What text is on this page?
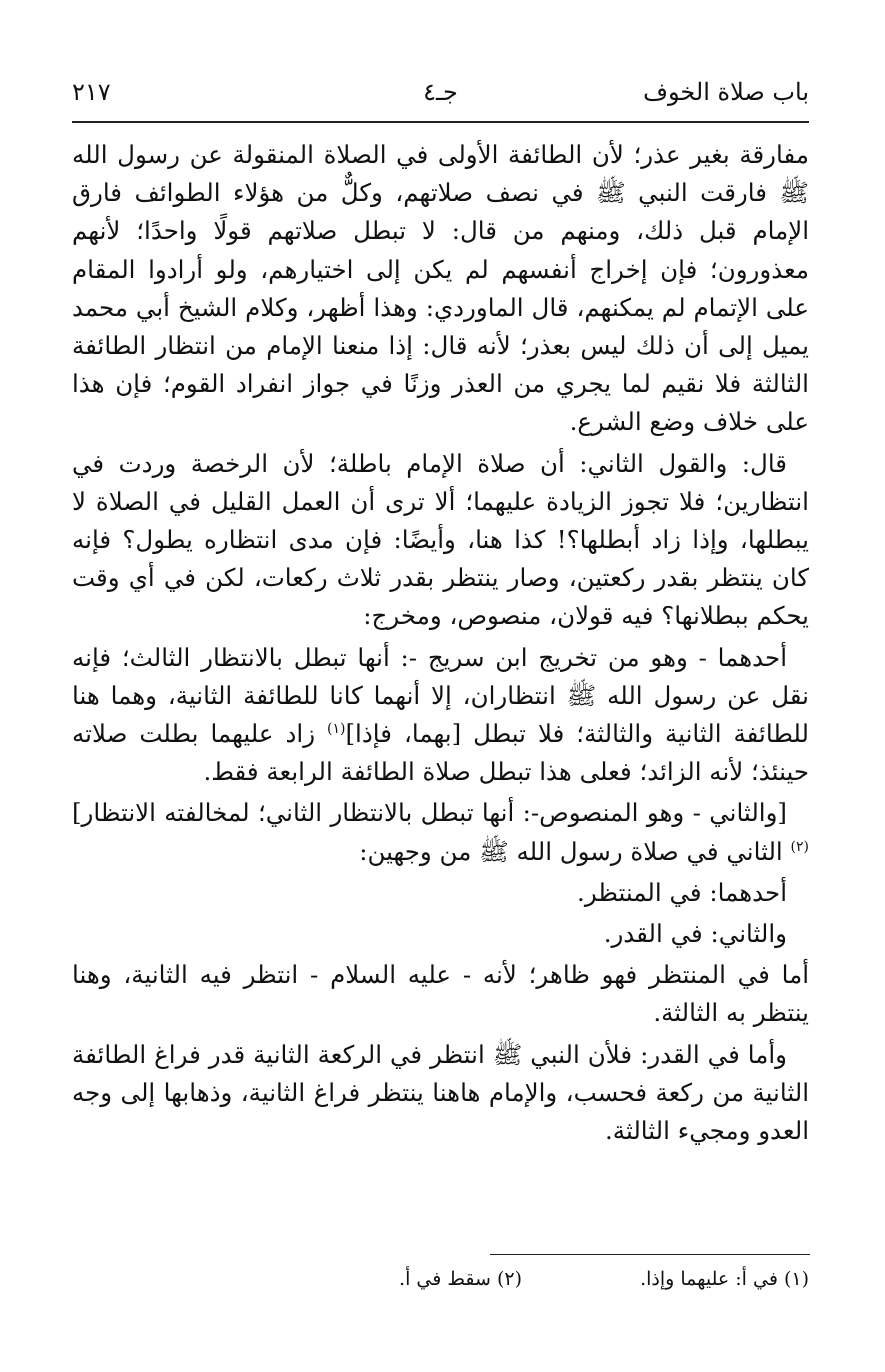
باب صلاة الخوف
جـ٤
٢١٧

مفارقة بغير عذر؛ لأن الطائفة الأولى في الصلاة المنقولة عن رسول الله ﷺ فارقت النبي ﷺ في نصف صلاتهم، وكلٌّ من هؤلاء الطوائف فارق الإمام قبل ذلك، ومنهم من قال: لا تبطل صلاتهم قولًا واحدًا؛ لأنهم معذورون؛ فإن إخراج أنفسهم لم يكن إلى اختيارهم، ولو أرادوا المقام على الإتمام لم يمكنهم، قال الماوردي: وهذا أظهر، وكلام الشيخ أبي محمد يميل إلى أن ذلك ليس بعذر؛ لأنه قال: إذا منعنا الإمام من انتظار الطائفة الثالثة فلا نقيم لما يجري من العذر وزنًا في جواز انفراد القوم؛ فإن هذا على خلاف وضع الشرع.

قال: والقول الثاني: أن صلاة الإمام باطلة؛ لأن الرخصة وردت في انتظارين؛ فلا تجوز الزيادة عليهما؛ ألا ترى أن العمل القليل في الصلاة لا يبطلها، وإذا زاد أبطلها؟! كذا هنا، وأيضًا: فإن مدى انتظاره يطول؟ فإنه كان ينتظر بقدر ركعتين، وصار ينتظر بقدر ثلاث ركعات، لكن في أي وقت يحكم ببطلانها؟ فيه قولان، منصوص، ومخرج:

أحدهما - وهو من تخريج ابن سريج -: أنها تبطل بالانتظار الثالث؛ فإنه نقل عن رسول الله ﷺ انتظاران، إلا أنهما كانا للطائفة الثانية، وهما هنا للطائفة الثانية والثالثة؛ فلا تبطل [بهما، فإذا]$^{(١)}$ زاد عليهما بطلت صلاته حينئذ؛ لأنه الزائد؛ فعلى هذا تبطل صلاة الطائفة الرابعة فقط.

[والثاني - وهو المنصوص-: أنها تبطل بالانتظار الثاني؛ لمخالفته الانتظار]$^{(٢)}$ الثاني في صلاة رسول الله ﷺ من وجهين:

أحدهما: في المنتظر.

والثاني: في القدر.

أما في المنتظر فهو ظاهر؛ لأنه - عليه السلام - انتظر فيه الثانية، وهنا ينتظر به الثالثة.

وأما في القدر: فلأن النبي ﷺ انتظر في الركعة الثانية قدر فراغ الطائفة الثانية من ركعة فحسب، والإمام هاهنا ينتظر فراغ الثانية، وذهابها إلى وجه العدو ومجيء الثالثة.

(١) في أ: عليهما وإذا. (٢) سقط في أ.
